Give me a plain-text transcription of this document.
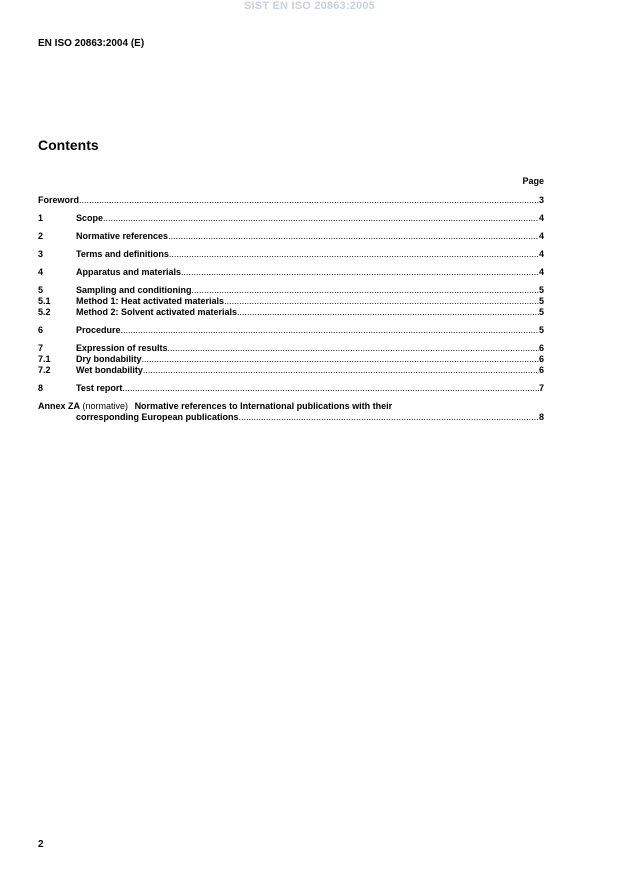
SIST EN ISO 20863:2005
EN ISO 20863:2004 (E)
Contents
Page
Foreword .....	3
1	Scope .....	4
2	Normative references .....	4
3	Terms and definitions .....	4
4	Apparatus and materials .....	4
5	Sampling and conditioning .....	5
5.1	Method 1: Heat activated materials .....	5
5.2	Method 2: Solvent activated materials .....	5
6	Procedure .....	5
7	Expression of results .....	6
7.1	Dry bondability .....	6
7.2	Wet bondability .....	6
8	Test report .....	7
Annex ZA (normative) Normative references to International publications with their
corresponding European publications .....	8
2
